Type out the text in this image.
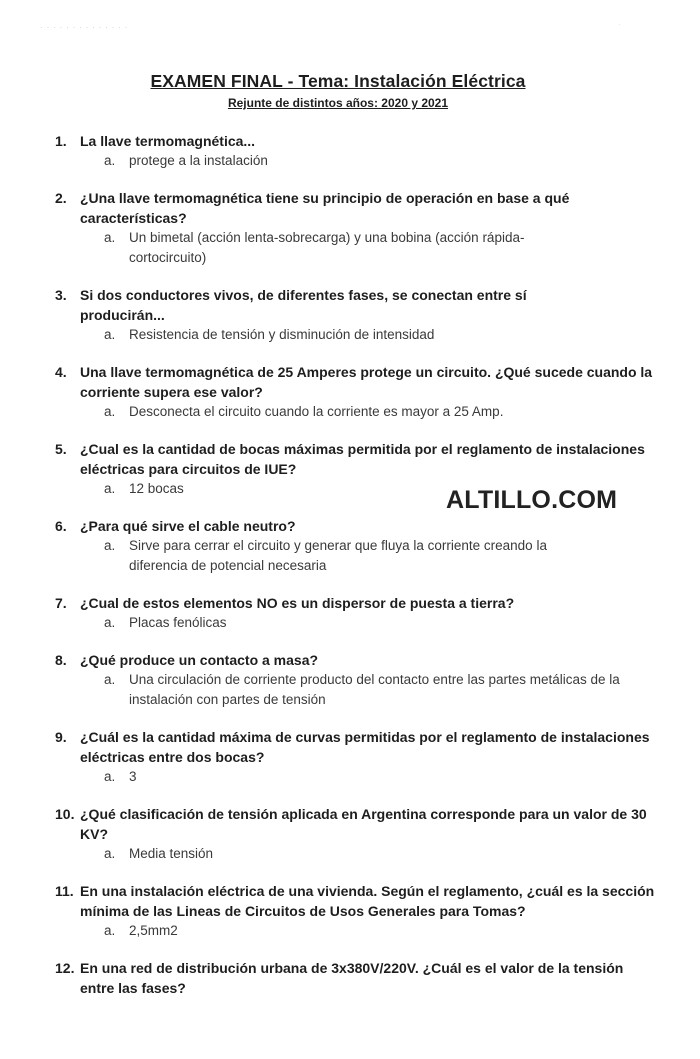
· · · · · · · · · · · · · ·	·
EXAMEN FINAL - Tema: Instalación Eléctrica
Rejunte de distintos años: 2020 y 2021
1. La llave termomagnética...
a. protege a la instalación
2. ¿Una llave termomagnética tiene su principio de operación en base a qué características?
a. Un bimetal (acción lenta-sobrecarga) y una bobina (acción rápida-cortocircuito)
3. Si dos conductores vivos, de diferentes fases, se conectan entre sí producirán...
a. Resistencia de tensión y disminución de intensidad
4. Una llave termomagnética de 25 Amperes protege un circuito. ¿Qué sucede cuando la corriente supera ese valor?
a. Desconecta el circuito cuando la corriente es mayor a 25 Amp.
5. ¿Cual es la cantidad de bocas máximas permitida por el reglamento de instalaciones eléctricas para circuitos de IUE?
a. 12 bocas
6. ¿Para qué sirve el cable neutro?
a. Sirve para cerrar el circuito y generar que fluya la corriente creando la diferencia de potencial necesaria
7. ¿Cual de estos elementos NO es un dispersor de puesta a tierra?
a. Placas fenólicas
8. ¿Qué produce un contacto a masa?
a. Una circulación de corriente producto del contacto entre las partes metálicas de la instalación con partes de tensión
9. ¿Cuál es la cantidad máxima de curvas permitidas por el reglamento de instalaciones eléctricas entre dos bocas?
a. 3
10. ¿Qué clasificación de tensión aplicada en Argentina corresponde para un valor de 30 KV?
a. Media tensión
11. En una instalación eléctrica de una vivienda. Según el reglamento, ¿cuál es la sección mínima de las Lineas de Circuitos de Usos Generales para Tomas?
a. 2,5mm2
12. En una red de distribución urbana de 3x380V/220V. ¿Cuál es el valor de la tensión entre las fases?
ALTILLO.COM
